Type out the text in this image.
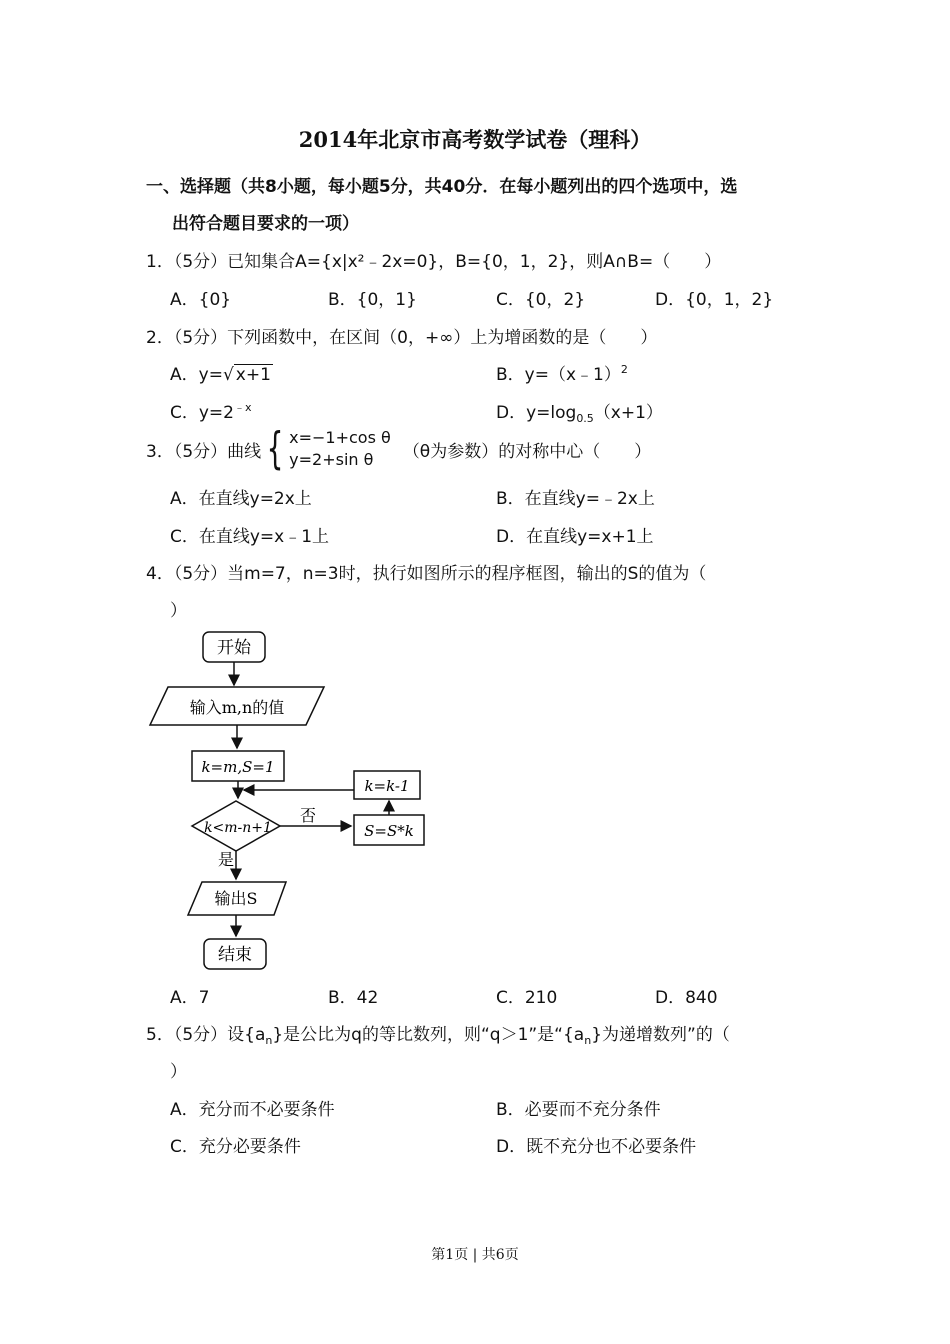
2014年北京市高考数学试卷（理科）
一、选择题（共8小题，每小题5分，共40分．在每小题列出的四个选项中，选
出符合题目要求的一项）
1．（5分）已知集合A={x|x²﹣2x=0}，B={0，1，2}，则A∩B=（　　）
A．{0}	B．{0，1}	C．{0，2}	D．{0，1，2}
2．（5分）下列函数中，在区间（0，+∞）上为增函数的是（　　）
A．y=√ x+1	B．y=（x﹣1）$^2$
C．$y=2^{﹣x}$	D．$y=\log_{0.5}(x+1)$
3．（5分）曲线 { x=−1+cos θ
y=2+sin θ	（θ为参数）的对称中心（　　）
A．在直线y=2x上	B．在直线y=﹣2x上
C．在直线y=x﹣1上	D．在直线y=x+1上
4．（5分）当m=7，n=3时，执行如图所示的程序框图，输出的S的值为（
）
开始
输入m,n的值
k=m,S=1
k<m-n+1
否
S=S*k
k=k-1
是
输出S
结束
A．7	B．42	C．210	D．840
5．（5分）设$\{a_n\}$是公比为q的等比数列，则“q＞1”是“$\{a_n\}$为递增数列”的（
）
A．充分而不必要条件	B．必要而不充分条件
C．充分必要条件	D．既不充分也不必要条件
第1页 | 共6页
